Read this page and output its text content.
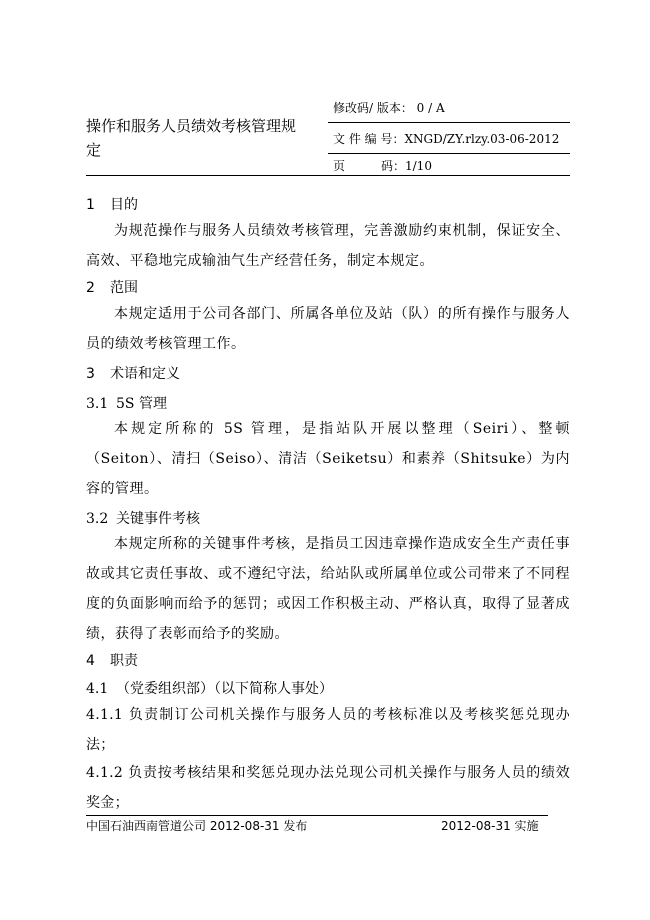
操作和服务人员绩效考核管理规定
修改码/ 版本： 0 / A
文 件 编 号：XNGD/ZY.rlzy.03-06-2012
页　　　码：1/10
1 目的
为规范操作与服务人员绩效考核管理，完善激励约束机制，保证安全、高效、平稳地完成输油气生产经营任务，制定本规定。
2 范围
本规定适用于公司各部门、所属各单位及站（队）的所有操作与服务人员的绩效考核管理工作。
3 术语和定义
3.1 5S 管理
本规定所称的 5S 管理，是指站队开展以整理（Seiri）、整顿（Seiton）、清扫（Seiso）、清洁（Seiketsu）和素养（Shitsuke）为内容的管理。
3.2 关键事件考核
本规定所称的关键事件考核，是指员工因违章操作造成安全生产责任事故或其它责任事故、或不遵纪守法，给站队或所属单位或公司带来了不同程度的负面影响而给予的惩罚；或因工作积极主动、严格认真，取得了显著成绩，获得了表彰而给予的奖励。
4 职责
4.1 （党委组织部）（以下简称人事处）
4.1.1 负责制订公司机关操作与服务人员的考核标准以及考核奖惩兑现办法；
4.1.2 负责按考核结果和奖惩兑现办法兑现公司机关操作与服务人员的绩效奖金；
中国石油西南管道公司 2012-08-31 发布	2012-08-31 实施
